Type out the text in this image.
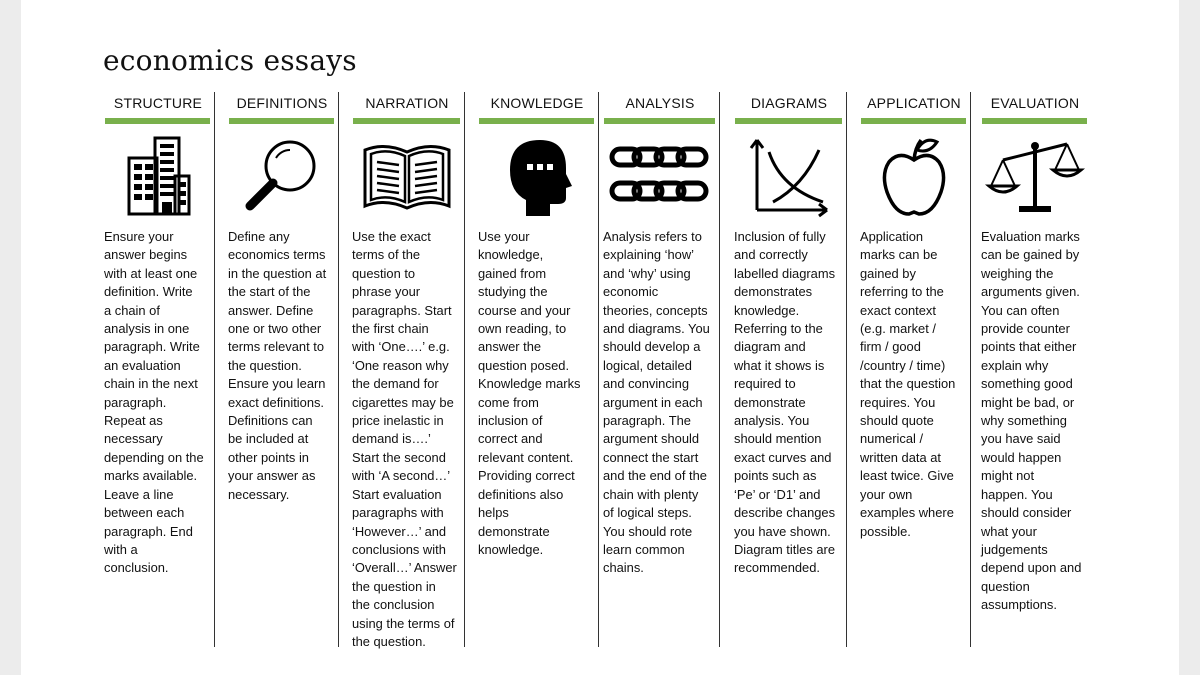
economics essays
STRUCTURE
Ensure your
answer begins
with at least one
definition. Write
a chain of
analysis in one
paragraph. Write
an evaluation
chain in the next
paragraph.
Repeat as
necessary
depending on the
marks available.
Leave a line
between each
paragraph. End
with a
conclusion.
DEFINITIONS
Define any
economics terms
in the question at
the start of the
answer. Define
one or two other
terms relevant to
the question.
Ensure you learn
exact definitions.
Definitions can
be included at
other points in
your answer as
necessary.
NARRATION
Use the exact
terms of the
question to
phrase your
paragraphs. Start
the first chain
with ‘One….’ e.g.
‘One reason why
the demand for
cigarettes may be
price inelastic in
demand is….’
Start the second
with ‘A second…’
Start evaluation
paragraphs with
‘However…’ and
conclusions with
‘Overall…’ Answer
the question in
the conclusion
using the terms of
the question.
KNOWLEDGE
Use your
knowledge,
gained from
studying the
course and your
own reading, to
answer the
question posed.
Knowledge marks
come from
inclusion of
correct and
relevant content.
Providing correct
definitions also
helps
demonstrate
knowledge.
ANALYSIS
Analysis refers to
explaining ‘how’
and ‘why’ using
economic
theories, concepts
and diagrams. You
should develop a
logical, detailed
and convincing
argument in each
paragraph. The
argument should
connect the start
and the end of the
chain with plenty
of logical steps.
You should rote
learn common
chains.
DIAGRAMS
Inclusion of fully
and correctly
labelled diagrams
demonstrates
knowledge.
Referring to the
diagram and
what it shows is
required to
demonstrate
analysis. You
should mention
exact curves and
points such as
‘Pe’ or ‘D1’ and
describe changes
you have shown.
Diagram titles are
recommended.
APPLICATION
Application
marks can be
gained by
referring to the
exact context
(e.g. market /
firm / good
/country / time)
that the question
requires. You
should quote
numerical /
written data at
least twice. Give
your own
examples where
possible.
EVALUATION
Evaluation marks
can be gained by
weighing the
arguments given.
You can often
provide counter
points that either
explain why
something good
might be bad, or
why something
you have said
would happen
might not
happen. You
should consider
what your
judgements
depend upon and
question
assumptions.
